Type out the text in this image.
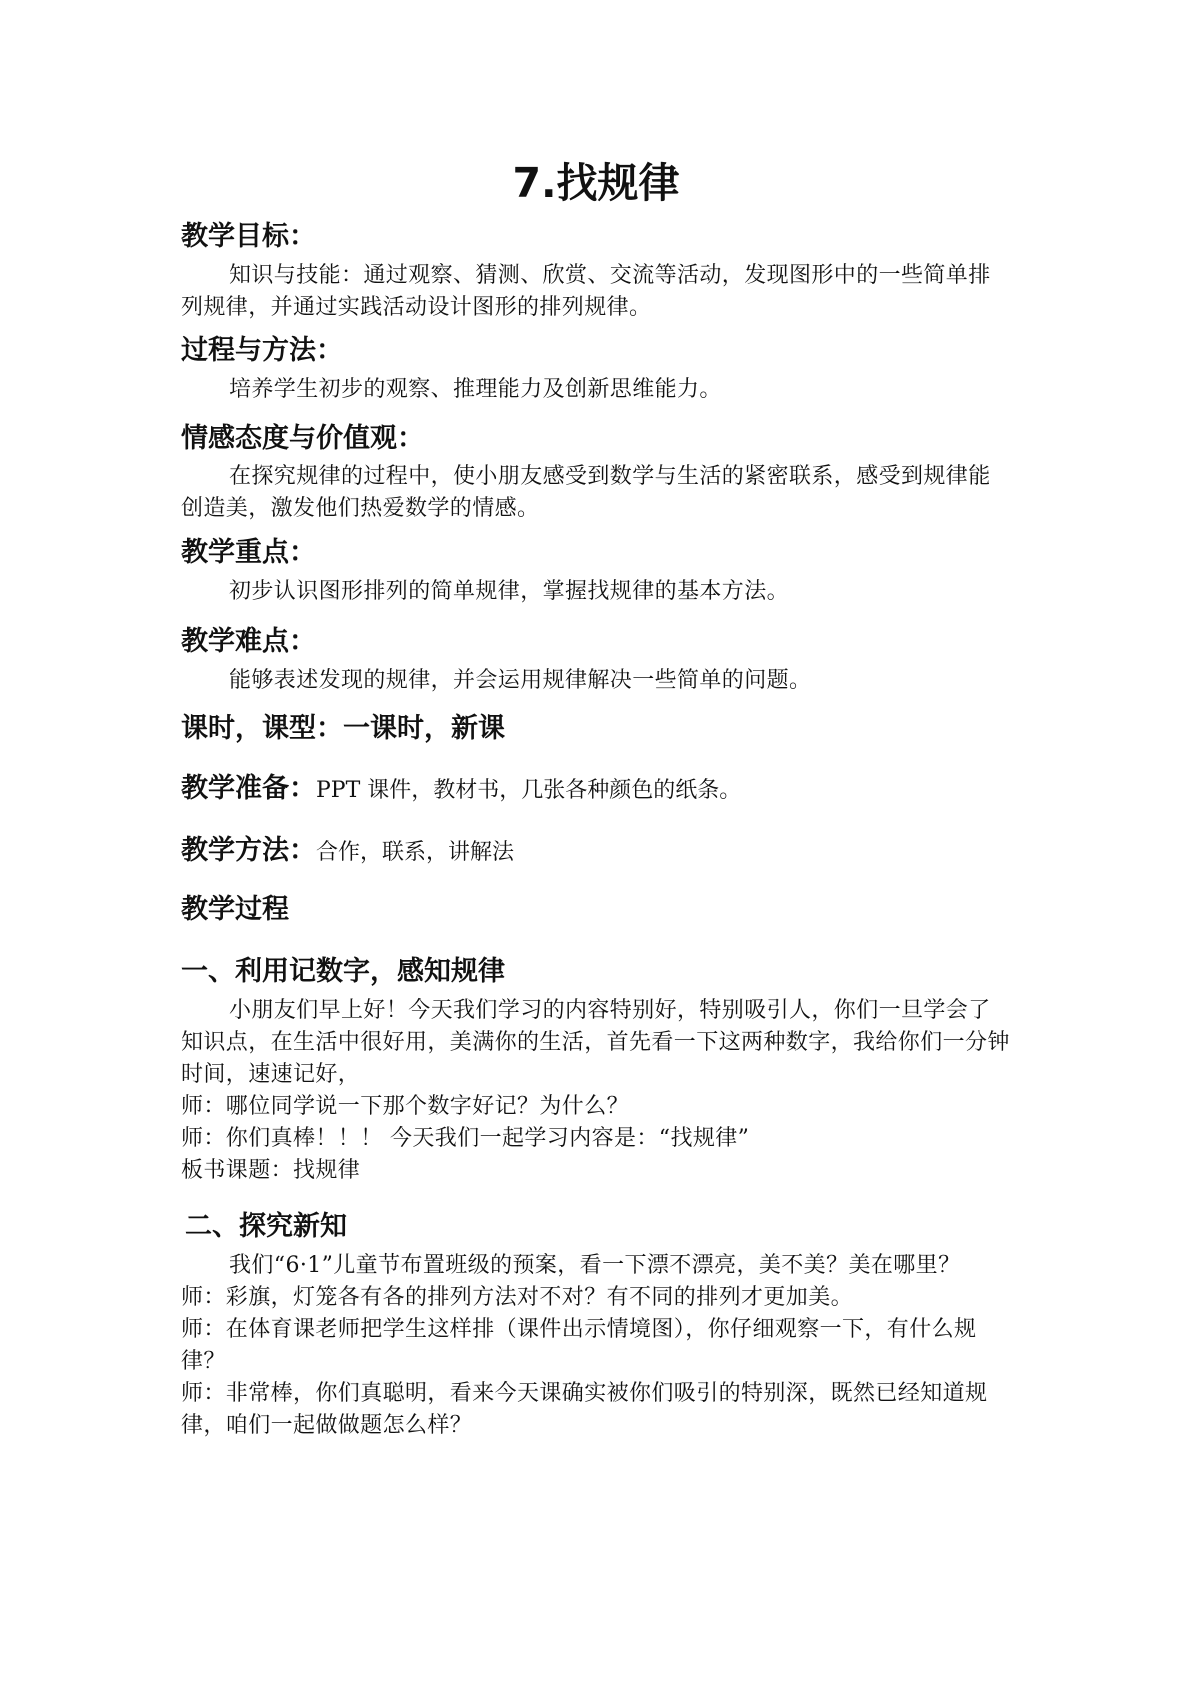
7.找规律
教学目标：

知识与技能：通过观察、猜测、欣赏、交流等活动，发现图形中的一些简单排列规律，并通过实践活动设计图形的排列规律。

过程与方法：

培养学生初步的观察、推理能力及创新思维能力。

情感态度与价值观：

在探究规律的过程中，使小朋友感受到数学与生活的紧密联系，感受到规律能创造美，激发他们热爱数学的情感。

教学重点：

初步认识图形排列的简单规律，掌握找规律的基本方法。

教学难点：

能够表述发现的规律，并会运用规律解决一些简单的问题。

课时，课型：一课时，新课
教学准备：PPT 课件，教材书，几张各种颜色的纸条。
教学方法：合作，联系，讲解法
教学过程
一、利用记数字，感知规律

小朋友们早上好！今天我们学习的内容特别好，特别吸引人，你们一旦学会了知识点，在生活中很好用，美满你的生活，首先看一下这两种数字，我给你们一分钟时间，速速记好，

师：哪位同学说一下那个数字好记？为什么？

师：你们真棒！！！ 今天我们一起学习内容是：“找规律”

板书课题：找规律

二、探究新知

我们“6·1”儿童节布置班级的预案，看一下漂不漂亮，美不美？美在哪里？

师：彩旗，灯笼各有各的排列方法对不对？有不同的排列才更加美。

师：在体育课老师把学生这样排（课件出示情境图），你仔细观察一下，有什么规律？

师：非常棒，你们真聪明，看来今天课确实被你们吸引的特别深，既然已经知道规律，咱们一起做做题怎么样？
